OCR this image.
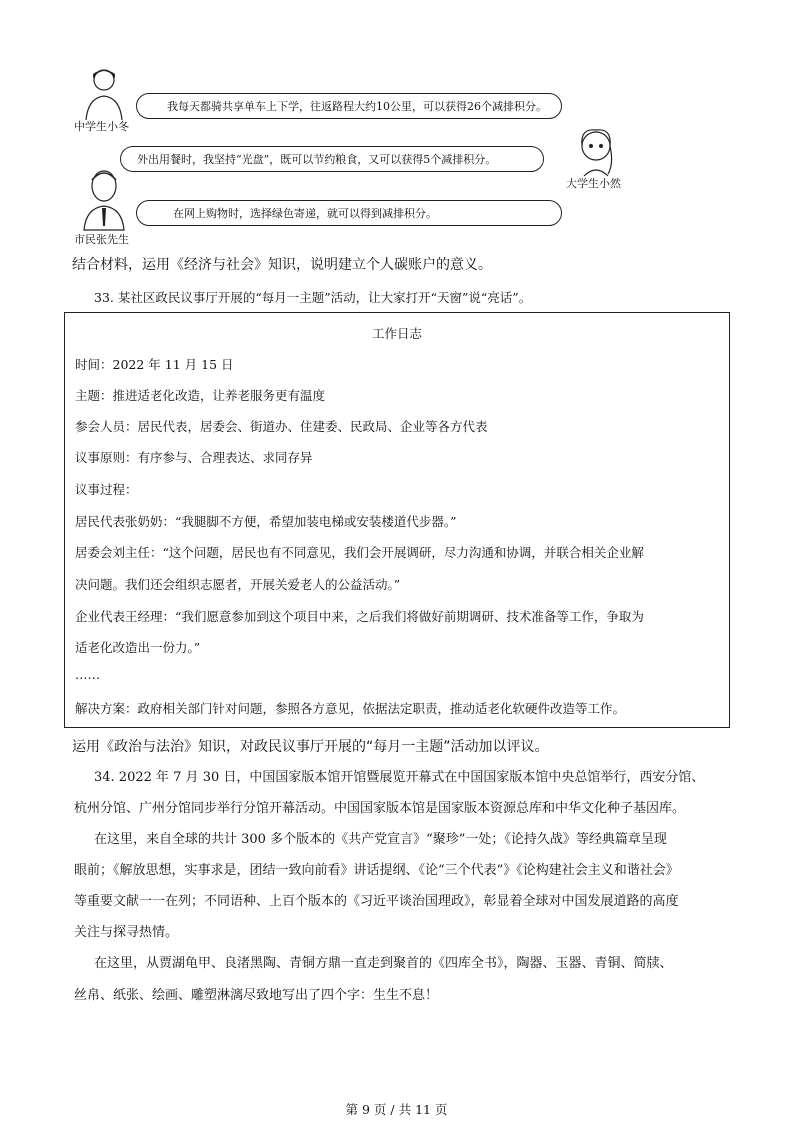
中学生小冬
大学生小然
市民张先生
我每天都骑共享单车上下学，往返路程大约10公里，可以获得26个减排积分。
外出用餐时，我坚持“光盘”，既可以节约粮食，又可以获得5个减排积分。
在网上购物时，选择绿色寄递，就可以得到减排积分。
结合材料，运用《经济与社会》知识，说明建立个人碳账户的意义。
33. 某社区政民议事厅开展的“每月一主题”活动，让大家打开“天窗”说“亮话”。
工作日志
时间：2022 年 11 月 15 日
主题：推进适老化改造，让养老服务更有温度
参会人员：居民代表，居委会、街道办、住建委、民政局、企业等各方代表
议事原则：有序参与、合理表达、求同存异
议事过程：
居民代表张奶奶：“我腿脚不方便，希望加装电梯或安装楼道代步器。”
居委会刘主任：“这个问题，居民也有不同意见，我们会开展调研，尽力沟通和协调，并联合相关企业解
决问题。我们还会组织志愿者，开展关爱老人的公益活动。”
企业代表王经理：“我们愿意参加到这个项目中来，之后我们将做好前期调研、技术准备等工作，争取为
适老化改造出一份力。”
……
解决方案：政府相关部门针对问题，参照各方意见，依据法定职责，推动适老化软硬件改造等工作。
运用《政治与法治》知识，对政民议事厅开展的“每月一主题”活动加以评议。
34. 2022 年 7 月 30 日，中国国家版本馆开馆暨展览开幕式在中国国家版本馆中央总馆举行，西安分馆、
杭州分馆、广州分馆同步举行分馆开幕活动。中国国家版本馆是国家版本资源总库和中华文化种子基因库。
在这里，来自全球的共计 300 多个版本的《共产党宣言》“聚珍”一处；《论持久战》等经典篇章呈现
眼前；《解放思想，实事求是，团结一致向前看》讲话提纲、《论“三个代表”》《论构建社会主义和谐社会》
等重要文献一一在列；不同语种、上百个版本的《习近平谈治国理政》，彰显着全球对中国发展道路的高度
关注与探寻热情。
在这里，从贾湖龟甲、良渚黑陶、青铜方鼎一直走到聚首的《四库全书》，陶器、玉器、青铜、简牍、
丝帛、纸张、绘画、雕塑淋漓尽致地写出了四个字：生生不息！
第 9 页 / 共 11 页
